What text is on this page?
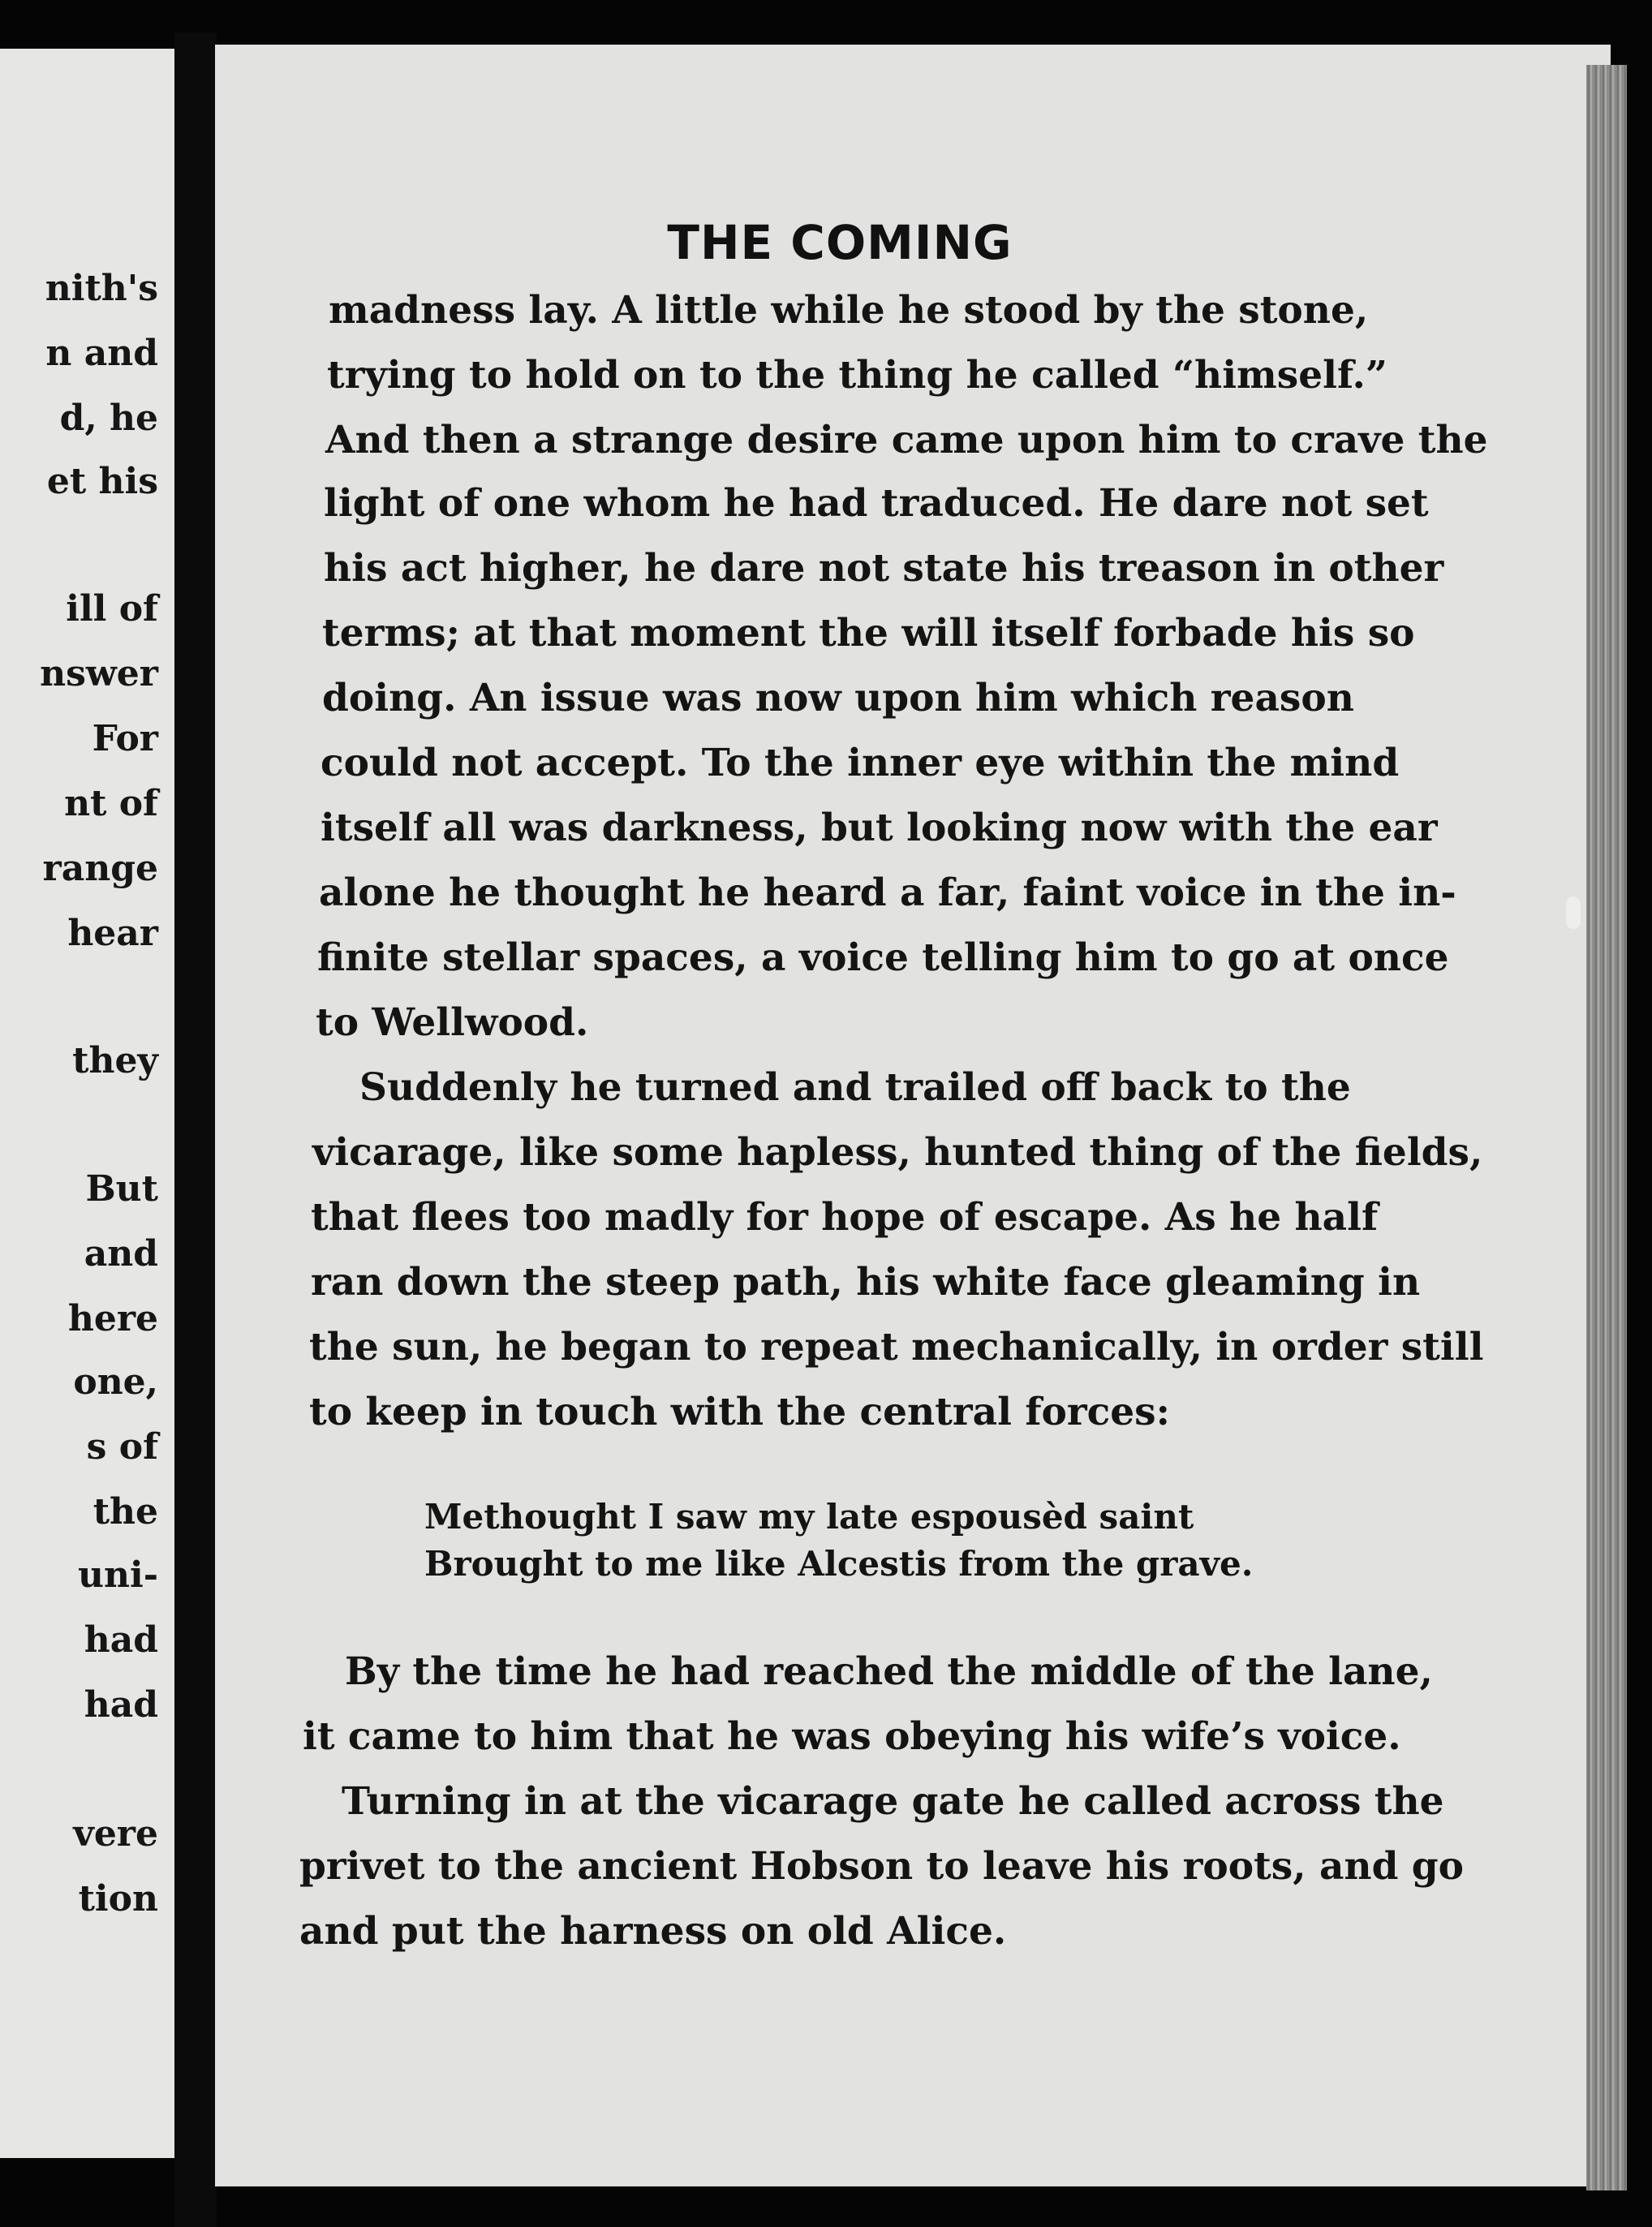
nith's
n and
d, he
et his
ill of
nswer
For
nt of
range
hear
they
But
and
here
one,
s of
the
uni-
had
had
vere
tion
THE COMING
madness lay. A little while he stood by the stone,
trying to hold on to the thing he called “himself.”
And then a strange desire came upon him to crave the
light of one whom he had traduced. He dare not set
his act higher, he dare not state his treason in other
terms; at that moment the will itself forbade his so
doing. An issue was now upon him which reason
could not accept. To the inner eye within the mind
itself all was darkness, but looking now with the ear
alone he thought he heard a far, faint voice in the in-
finite stellar spaces, a voice telling him to go at once
to Wellwood.
Suddenly he turned and trailed off back to the
vicarage, like some hapless, hunted thing of the fields,
that flees too madly for hope of escape. As he half
ran down the steep path, his white face gleaming in
the sun, he began to repeat mechanically, in order still
to keep in touch with the central forces:
Methought I saw my late espousèd saint
Brought to me like Alcestis from the grave.
By the time he had reached the middle of the lane,
it came to him that he was obeying his wife’s voice.
Turning in at the vicarage gate he called across the
privet to the ancient Hobson to leave his roots, and go
and put the harness on old Alice.
